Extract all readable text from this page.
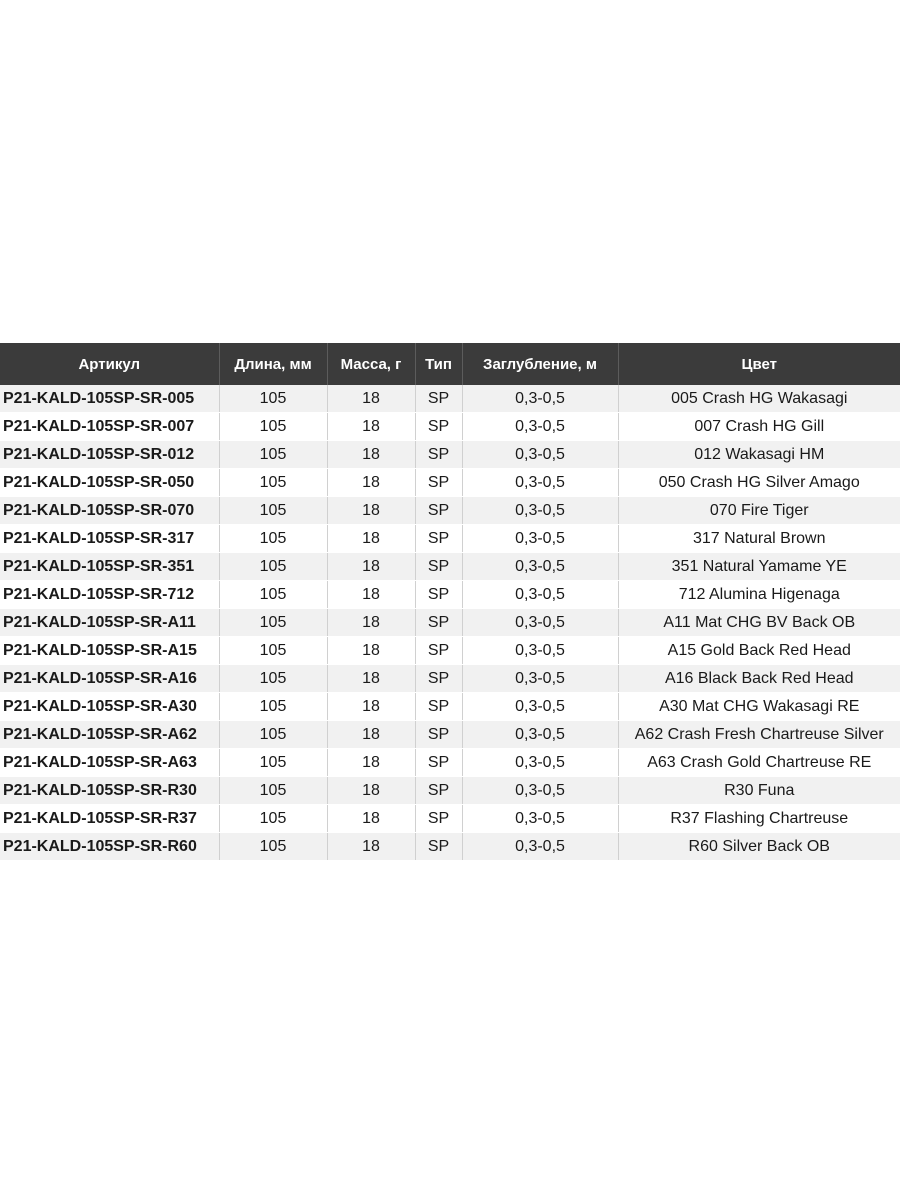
Артикул	Длина, мм	Масса, г	Тип	Заглубление, м	Цвет
P21-KALD-105SP-SR-005	105	18	SP	0,3-0,5	005 Crash HG Wakasagi
P21-KALD-105SP-SR-007	105	18	SP	0,3-0,5	007 Crash HG Gill
P21-KALD-105SP-SR-012	105	18	SP	0,3-0,5	012 Wakasagi HM
P21-KALD-105SP-SR-050	105	18	SP	0,3-0,5	050 Crash HG Silver Amago
P21-KALD-105SP-SR-070	105	18	SP	0,3-0,5	070 Fire Tiger
P21-KALD-105SP-SR-317	105	18	SP	0,3-0,5	317 Natural Brown
P21-KALD-105SP-SR-351	105	18	SP	0,3-0,5	351 Natural Yamame YE
P21-KALD-105SP-SR-712	105	18	SP	0,3-0,5	712 Alumina Higenaga
P21-KALD-105SP-SR-A11	105	18	SP	0,3-0,5	A11 Mat CHG BV Back OB
P21-KALD-105SP-SR-A15	105	18	SP	0,3-0,5	A15 Gold Back Red Head
P21-KALD-105SP-SR-A16	105	18	SP	0,3-0,5	A16 Black Back Red Head
P21-KALD-105SP-SR-A30	105	18	SP	0,3-0,5	A30 Mat CHG Wakasagi RE
P21-KALD-105SP-SR-A62	105	18	SP	0,3-0,5	A62 Crash Fresh Chartreuse Silver
P21-KALD-105SP-SR-A63	105	18	SP	0,3-0,5	A63 Crash Gold Chartreuse RE
P21-KALD-105SP-SR-R30	105	18	SP	0,3-0,5	R30 Funa
P21-KALD-105SP-SR-R37	105	18	SP	0,3-0,5	R37 Flashing Chartreuse
P21-KALD-105SP-SR-R60	105	18	SP	0,3-0,5	R60 Silver Back OB
